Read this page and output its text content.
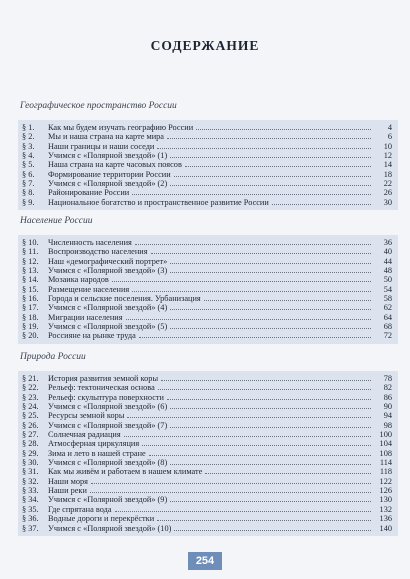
СОДЕРЖАНИЕ
Географическое пространство России
§ 1.	Как мы будем изучать географию России	4
§ 2.	Мы и наша страна на карте мира	6
§ 3.	Наши границы и наши соседи	10
§ 4.	Учимся с «Полярной звездой» (1)	12
§ 5.	Наша страна на карте часовых поясов	14
§ 6.	Формирование территории России	18
§ 7.	Учимся с «Полярной звездой» (2)	22
§ 8.	Районирование России	26
§ 9.	Национальное богатство и пространственное развитие России	30
Население России
§ 10.	Численность населения	36
§ 11.	Воспроизводство населения	40
§ 12.	Наш «демографический портрет»	44
§ 13.	Учимся с «Полярной звездой» (3)	48
§ 14.	Мозаика народов	50
§ 15.	Размещение населения	54
§ 16.	Города и сельские поселения. Урбанизация	58
§ 17.	Учимся с «Полярной звездой» (4)	62
§ 18.	Миграции населения	64
§ 19.	Учимся с «Полярной звездой» (5)	68
§ 20.	Россияне на рынке труда	72
Природа России
§ 21.	История развития земной коры	78
§ 22.	Рельеф: тектоническая основа	82
§ 23.	Рельеф: скульптура поверхности	86
§ 24.	Учимся с «Полярной звездой» (6)	90
§ 25.	Ресурсы земной коры	94
§ 26.	Учимся с «Полярной звездой» (7)	98
§ 27.	Солнечная радиация	100
§ 28.	Атмосферная циркуляция	104
§ 29.	Зима и лето в нашей стране	108
§ 30.	Учимся с «Полярной звездой» (8)	114
§ 31.	Как мы живём и работаем в нашем климате	118
§ 32.	Наши моря	122
§ 33.	Наши реки	126
§ 34.	Учимся с «Полярной звездой» (9)	130
§ 35.	Где спрятана вода	132
§ 36.	Водные дороги и перекрёстки	136
§ 37.	Учимся с «Полярной звездой» (10)	140
254
